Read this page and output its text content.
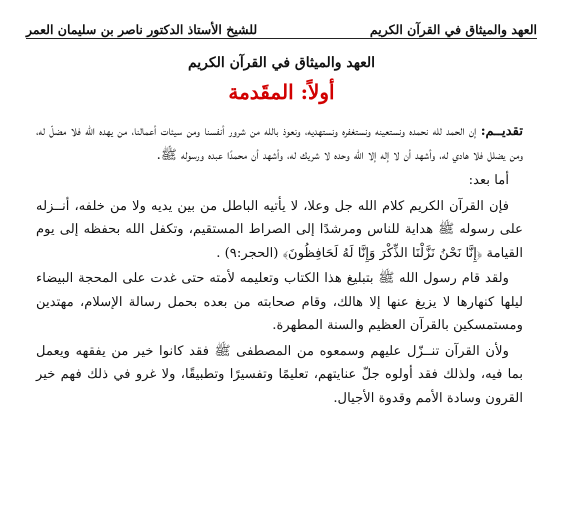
العهد والميثاق في القرآن الكريم
للشيخ الأستاذ الدكتور ناصر بن سليمان العمر
العهد والميثاق في القرآن الكريم
أولاً: المقَدمة

تقديــم: إن الحمد لله نحمده ونستعينه ونستغفره ونستهديه، ونعوذ بالله من شرور أنفسنا ومن سيئات أعمالنا، من يهده الله فلا مضلّ له، ومن يضلل فلا هادي له، وأشهد أن لا إله إلا الله وحده لا شريك له، وأشهد أن محمدًا عبده ورسوله ﷺ.

أما بعد:

فإن القرآن الكريم كلام الله جل وعلا، لا يأتيه الباطل من بين يديه ولا من خلفه، أنــزله على رسوله ﷺ هداية للناس ومرشدًا إلى الصراط المستقيم، وتكفل الله بحفظه إلى يوم القيامة ﴿إِنَّا نَحْنُ نَزَّلْنَا الذِّكْرَ وَإِنَّا لَهُ لَحَافِظُونَ﴾ (الحجر:٩) .

ولقد قام رسول الله ﷺ بتبليغ هذا الكتاب وتعليمه لأمته حتى غدت على المحجة البيضاء ليلها كنهارها لا يزيغ عنها إلا هالك، وقام صحابته من بعده بحمل رسالة الإسلام، مهتدين ومستمسكين بالقرآن العظيم والسنة المطهرة.

ولأن القرآن تنــزّل عليهم وسمعوه من المصطفى ﷺ فقد كانوا خير من يفقهه ويعمل بما فيه، ولذلك فقد أولوه جلّ عنايتهم، تعليمًا وتفسيرًا وتطبيقًا، ولا غرو في ذلك فهم خير القرون وسادة الأمم وقدوة الأجيال.
